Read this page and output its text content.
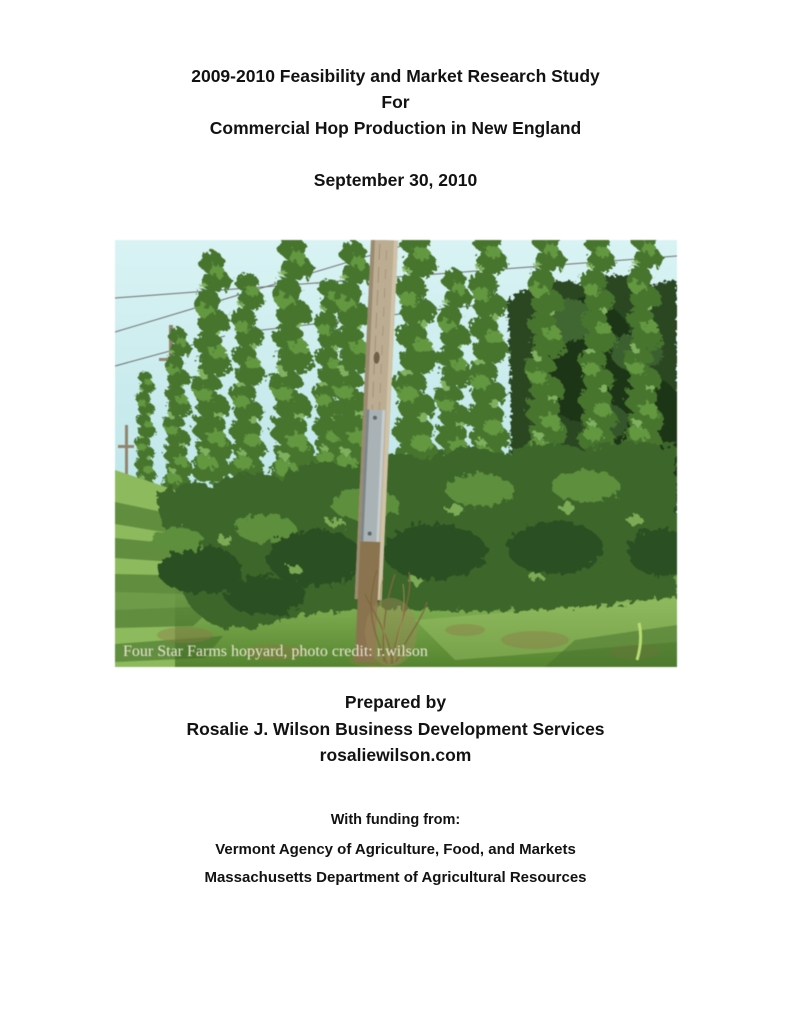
2009-2010 Feasibility and Market Research Study
For
Commercial Hop Production in New England
September 30, 2010
Four Star Farms hopyard, photo credit: r.wilson
Prepared by
Rosalie J. Wilson Business Development Services
rosaliewilson.com
With funding from:
Vermont Agency of Agriculture, Food, and Markets
Massachusetts Department of Agricultural Resources
